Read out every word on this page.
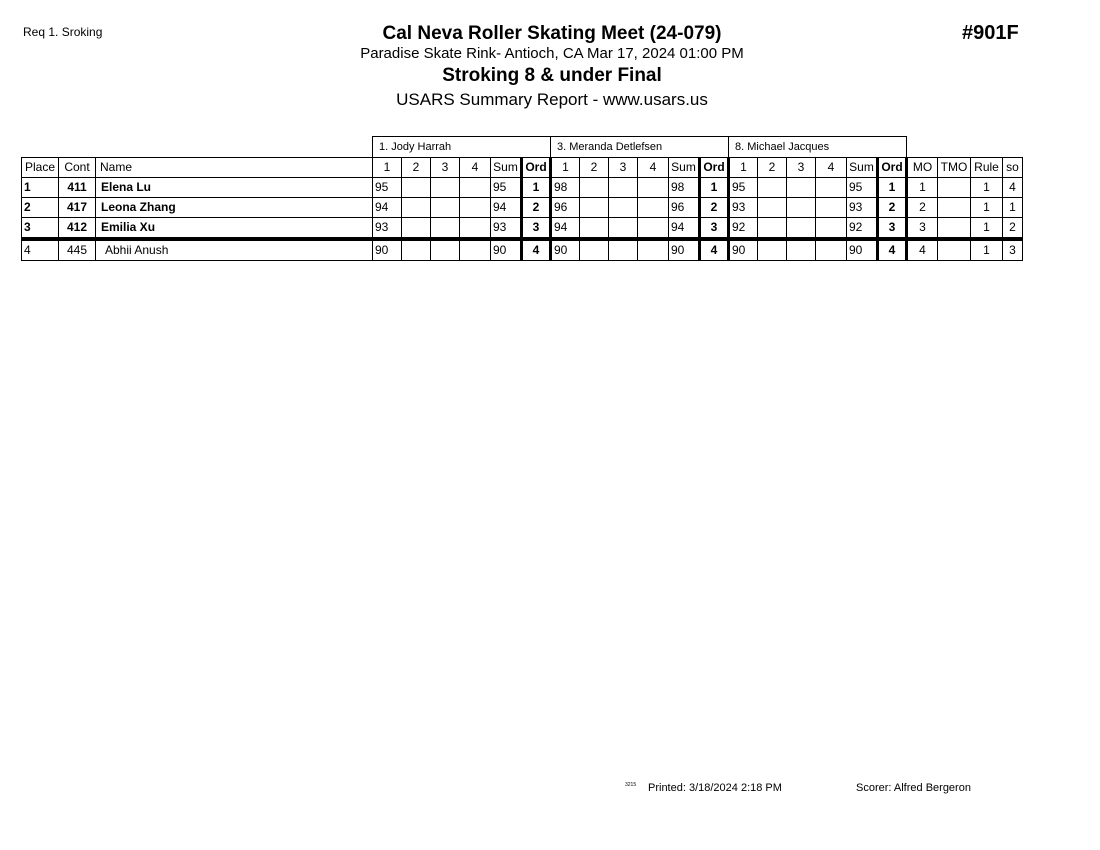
Req 1. Sroking	#901F
Cal Neva Roller Skating Meet (24-079)
Paradise Skate Rink- Antioch, CA Mar 17, 2024 01:00 PM
Stroking 8 & under Final
USARS Summary Report - www.usars.us
			1. Jody Harrah						3. Meranda Detlefsen						8. Michael Jacques									
Place	Cont	Name	1	2	3	4	Sum	Ord	1	2	3	4	Sum	Ord	1	2	3	4	Sum	Ord	MO	TMO	Rule	so
1	411	Elena Lu	95				95	1	98				98	1	95				95	1	1		1	4
2	417	Leona Zhang	94				94	2	96				96	2	93				93	2	2		1	1
3	412	Emilia Xu	93				93	3	94				94	3	92				92	3	3		1	2
4	445	Abhii Anush	90				90	4	90				90	4	90				90	4	4		1	3
3215 Printed: 3/18/2024 2:18 PM	Scorer: Alfred Bergeron
